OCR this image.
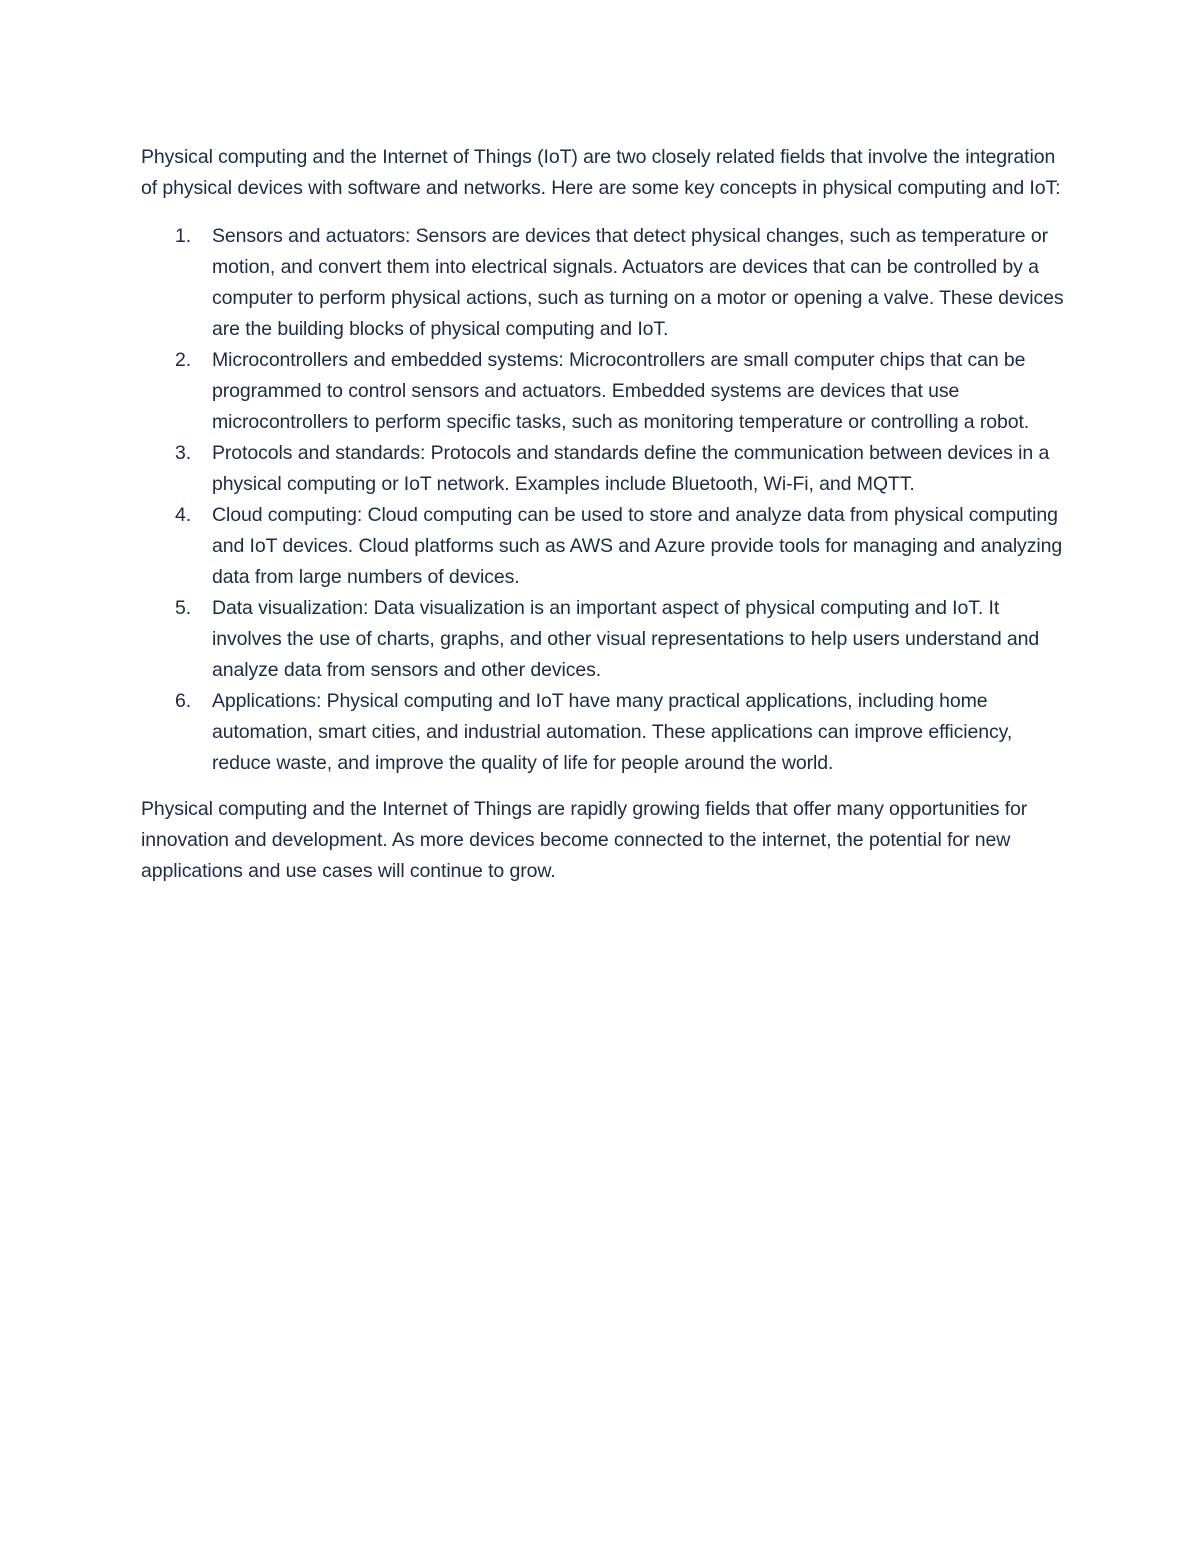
Physical computing and the Internet of Things (IoT) are two closely related fields that involve the integration of physical devices with software and networks. Here are some key concepts in physical computing and IoT:

1. Sensors and actuators: Sensors are devices that detect physical changes, such as temperature or motion, and convert them into electrical signals. Actuators are devices that can be controlled by a computer to perform physical actions, such as turning on a motor or opening a valve. These devices are the building blocks of physical computing and IoT.
2. Microcontrollers and embedded systems: Microcontrollers are small computer chips that can be programmed to control sensors and actuators. Embedded systems are devices that use microcontrollers to perform specific tasks, such as monitoring temperature or controlling a robot.
3. Protocols and standards: Protocols and standards define the communication between devices in a physical computing or IoT network. Examples include Bluetooth, Wi-Fi, and MQTT.
4. Cloud computing: Cloud computing can be used to store and analyze data from physical computing and IoT devices. Cloud platforms such as AWS and Azure provide tools for managing and analyzing data from large numbers of devices.
5. Data visualization: Data visualization is an important aspect of physical computing and IoT. It involves the use of charts, graphs, and other visual representations to help users understand and analyze data from sensors and other devices.
6. Applications: Physical computing and IoT have many practical applications, including home automation, smart cities, and industrial automation. These applications can improve efficiency, reduce waste, and improve the quality of life for people around the world.

Physical computing and the Internet of Things are rapidly growing fields that offer many opportunities for innovation and development. As more devices become connected to the internet, the potential for new applications and use cases will continue to grow.
